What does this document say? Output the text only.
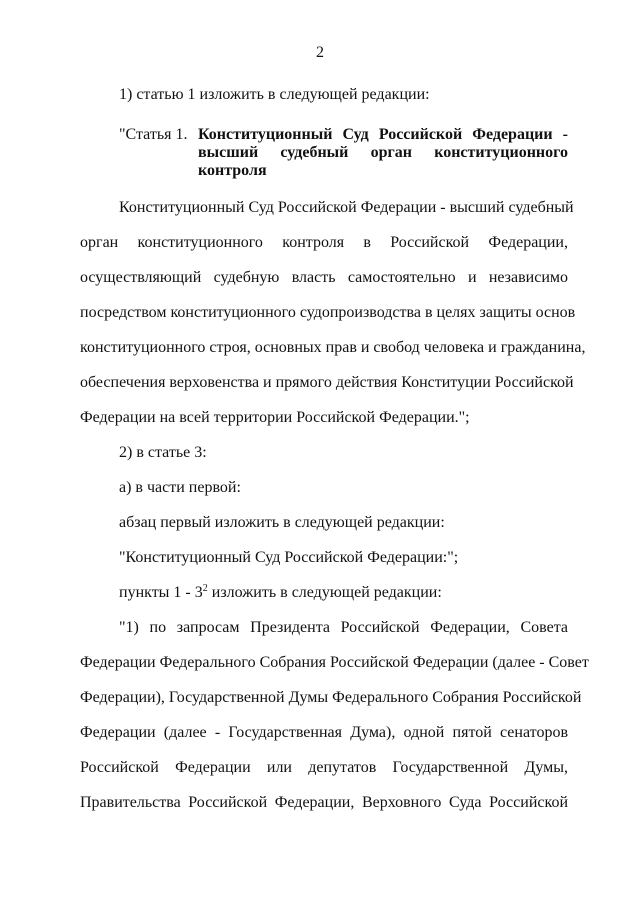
2
1) статью 1 изложить в следующей редакции:
"Статья 1. Конституционный Суд Российской Федерации -
высший судебный орган конституционного
контроля
Конституционный Суд Российской Федерации - высший судебный
орган конституционного контроля в Российской Федерации,
осуществляющий судебную власть самостоятельно и независимо
посредством конституционного судопроизводства в целях защиты основ
конституционного строя, основных прав и свобод человека и гражданина,
обеспечения верховенства и прямого действия Конституции Российской
Федерации на всей территории Российской Федерации.";
2) в статье 3:
а) в части первой:
абзац первый изложить в следующей редакции:
"Конституционный Суд Российской Федерации:";
пункты $1 - 3^2$ изложить в следующей редакции:
"1) по запросам Президента Российской Федерации, Совета
Федерации Федерального Собрания Российской Федерации (далее - Совет
Федерации), Государственной Думы Федерального Собрания Российской
Федерации (далее - Государственная Дума), одной пятой сенаторов
Российской Федерации или депутатов Государственной Думы,
Правительства Российской Федерации, Верховного Суда Российской
